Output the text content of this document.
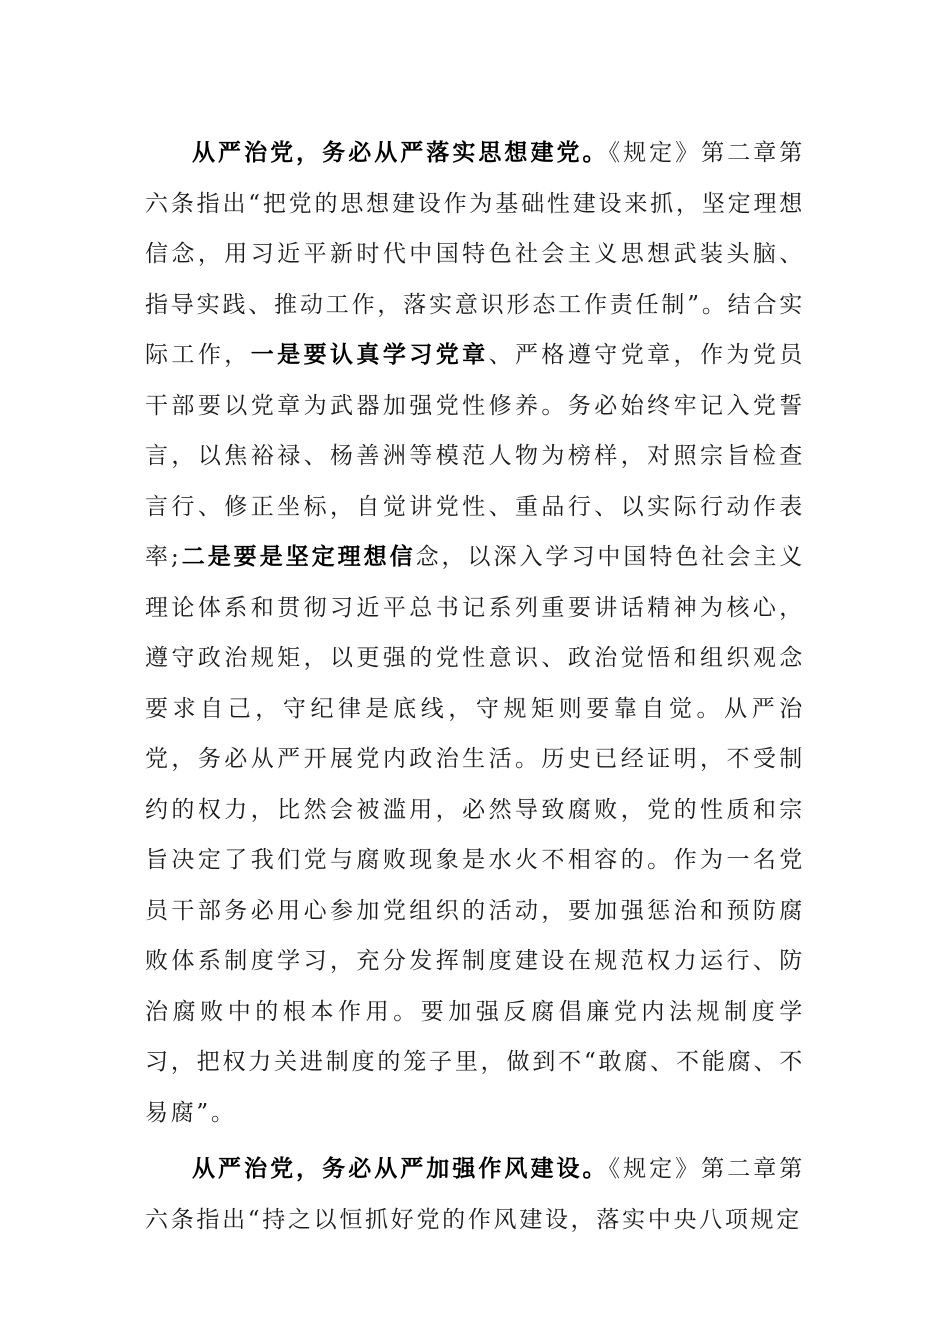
从严治党，务必从严落实思想建党。《规定》第二章第六条指出“把党的思想建设作为基础性建设来抓，坚定理想信念，用习近平新时代中国特色社会主义思想武装头脑、指导实践、推动工作，落实意识形态工作责任制”。结合实际工作，一是要认真学习党章、严格遵守党章，作为党员干部要以党章为武器加强党性修养。务必始终牢记入党誓言，以焦裕禄、杨善洲等模范人物为榜样，对照宗旨检查言行、修正坐标，自觉讲党性、重品行、以实际行动作表率;二是要是坚定理想信念，以深入学习中国特色社会主义理论体系和贯彻习近平总书记系列重要讲话精神为核心，遵守政治规矩，以更强的党性意识、政治觉悟和组织观念要求自己，守纪律是底线，守规矩则要靠自觉。从严治党，务必从严开展党内政治生活。历史已经证明，不受制约的权力，比然会被滥用，必然导致腐败，党的性质和宗旨决定了我们党与腐败现象是水火不相容的。作为一名党员干部务必用心参加党组织的活动，要加强惩治和预防腐败体系制度学习，充分发挥制度建设在规范权力运行、防治腐败中的根本作用。要加强反腐倡廉党内法规制度学习，把权力关进制度的笼子里，做到不“敢腐、不能腐、不易腐”。

从严治党，务必从严加强作风建设。《规定》第二章第六条指出“持之以恒抓好党的作风建设，落实中央八项规定
